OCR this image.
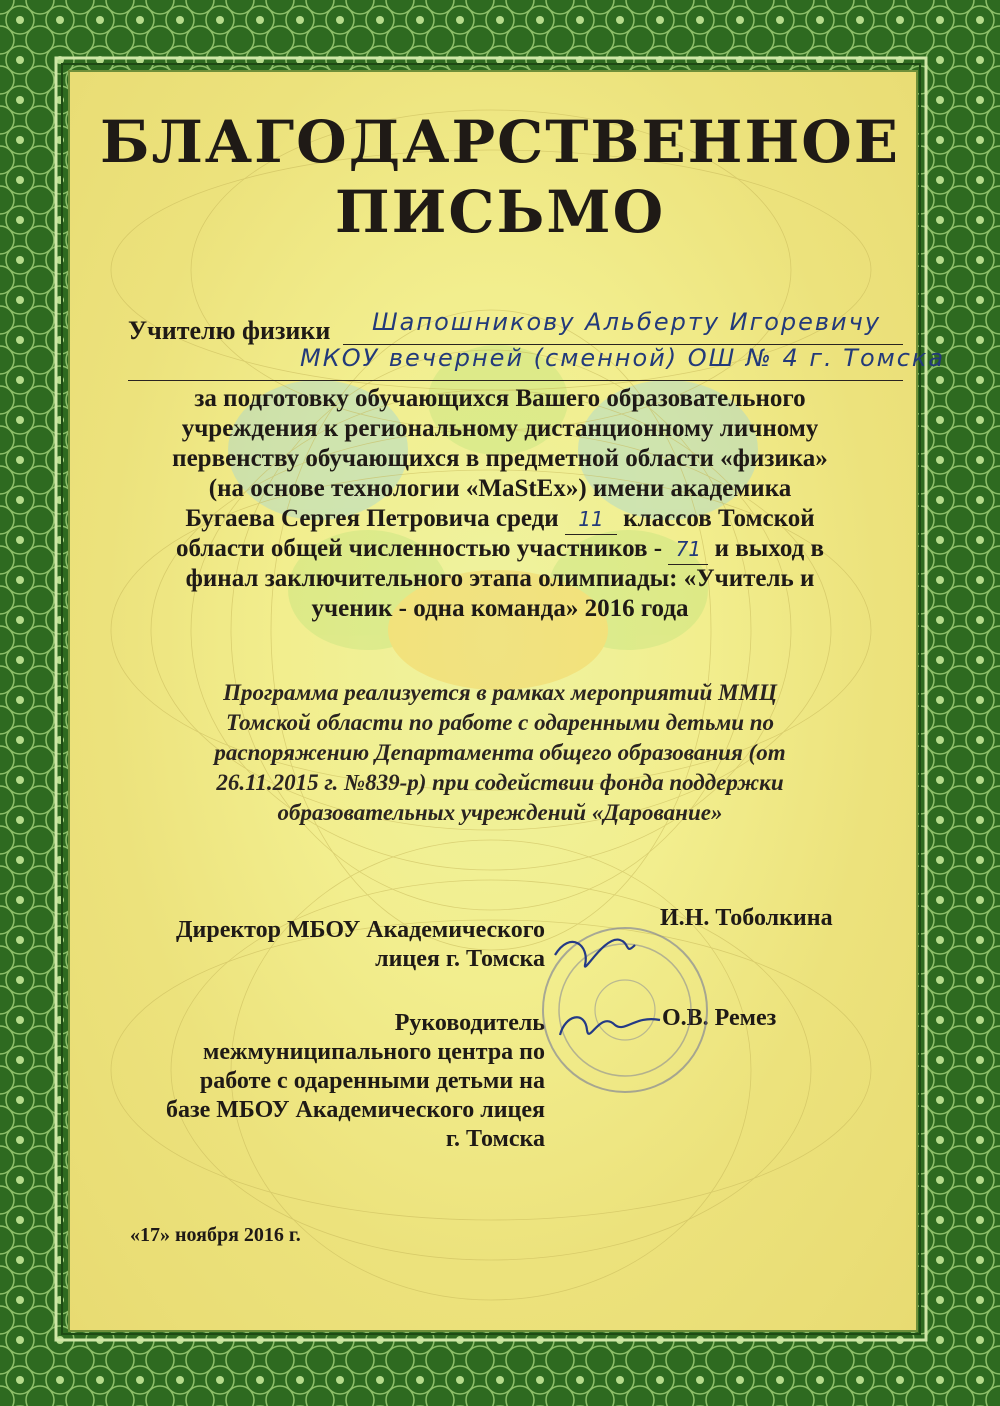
БЛАГОДАРСТВЕННОЕ
ПИСЬМО
Учителю физики Шапошникову Альберту Игоревичу
МКОУ вечерней (сменной) ОШ № 4 г. Томска
за подготовку обучающихся Вашего образовательного
учреждения к региональному дистанционному личному
первенству обучающихся в предметной области «физика»
(на основе технологии «MaStEx») имени академика
Бугаева Сергея Петровича среди 11 классов Томской
области общей численностью участников - 71 и выход в
финал заключительного этапа олимпиады: «Учитель и
ученик - одна команда» 2016 года
Программа реализуется в рамках мероприятий ММЦ
Томской области по работе с одаренными детьми по
распоряжению Департамента общего образования (от
26.11.2015 г. №839-р) при содействии фонда поддержки
образовательных учреждений «Дарование»
Директор МБОУ Академического
лицея г. Томска
И.Н. Тоболкина
Руководитель
межмуниципального центра по
работе с одаренными детьми на
базе МБОУ Академического лицея
г. Томска
О.В. Ремез
«17» ноября 2016 г.
